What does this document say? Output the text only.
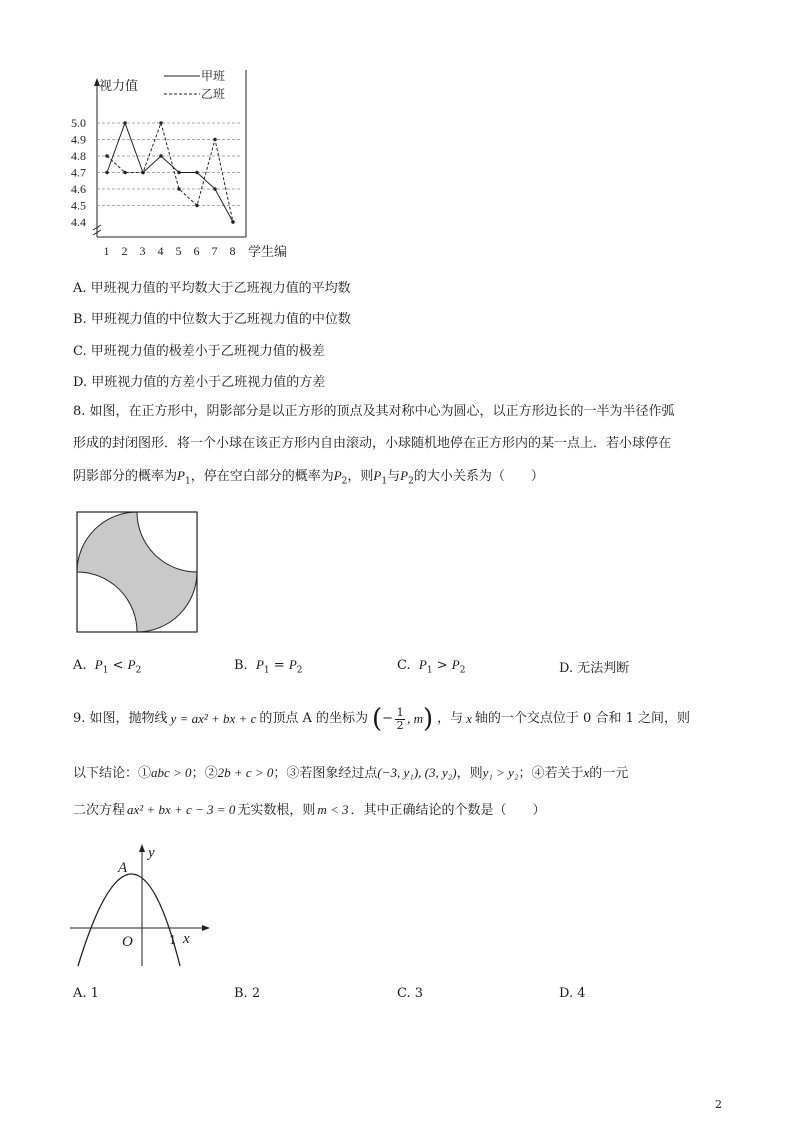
视力值
学生编
甲班
乙班
5.0
4.9
4.8
4.7
4.6
4.5
4.4
1 2 3 4 5 6 7 8
A. 甲班视力值的平均数大于乙班视力值的平均数
B. 甲班视力值的中位数大于乙班视力值的中位数
C. 甲班视力值的极差小于乙班视力值的极差
D. 甲班视力值的方差小于乙班视力值的方差
8. 如图，在正方形中，阴影部分是以正方形的顶点及其对称中心为圆心，以正方形边长的一半为半径作弧
形成的封闭图形．将一个小球在该正方形内自由滚动，小球随机地停在正方形内的某一点上．若小球停在
阴影部分的概率为$P_1$，停在空白部分的概率为$P_2$，则$P_1$与$P_2$的大小关系为（　　）
A. $P_1 < P_2$	B. $P_1 = P_2$	C. $P_1 > P_2$	D. 无法判断
9. 如图，抛物线 y = ax² + bx + c 的顶点 A 的坐标为 ( − 1
2 , m ) ，与 x 轴的一个交点位于 0 合和 1 之间，则
以下结论：①abc > 0；②2b + c > 0；③若图象经过点(−3, y₁), (3, y₂)，则y₁ > y₂；④若关于x的一元
二次方程 ax² + bx + c − 3 = 0 无实数根，则 m < 3 ．其中正确结论的个数是（　　）
A
y
O	1 x
A. 1	B. 2	C. 3	D. 4
2
